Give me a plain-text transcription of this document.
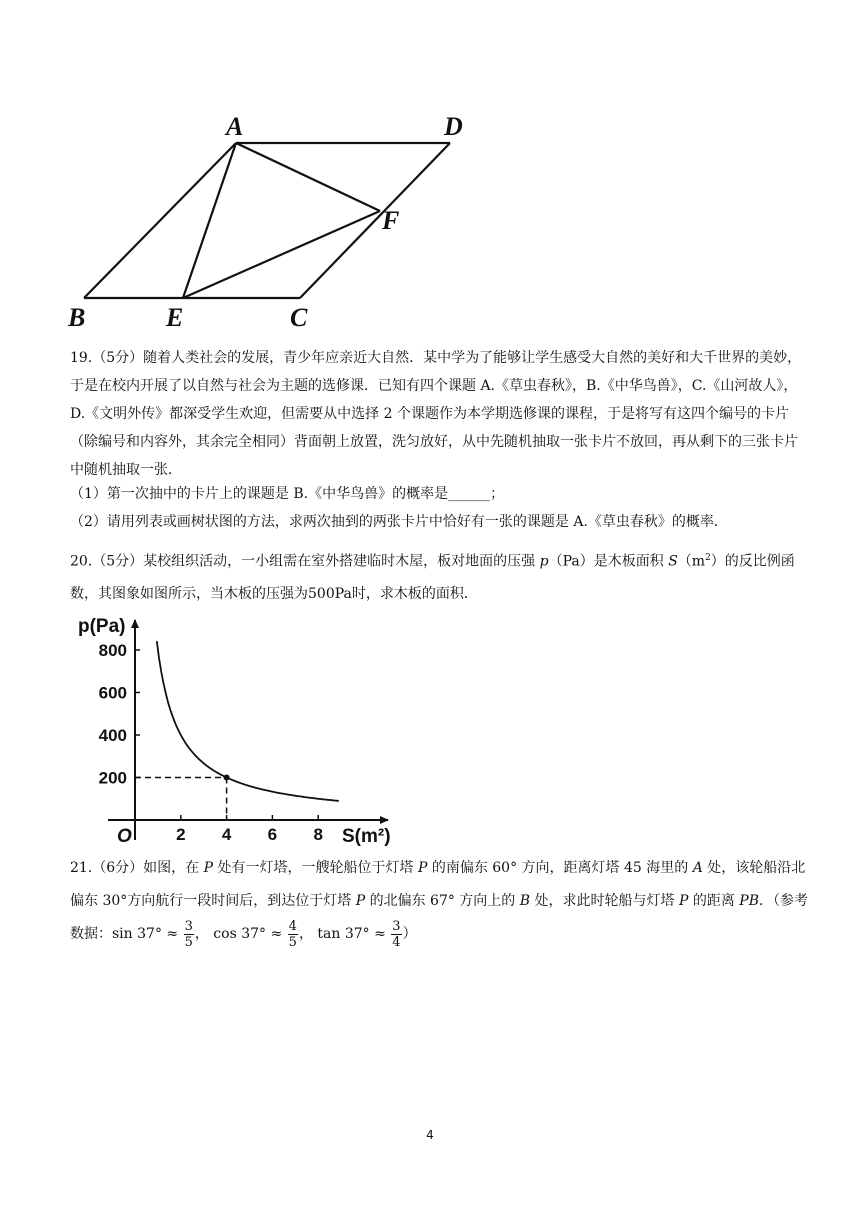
A	D
F
B	E	C

19.（5分）随着人类社会的发展，青少年应亲近大自然．某中学为了能够让学生感受大自然的美好和大千世界的美妙，于是在校内开展了以自然与社会为主题的选修课．已知有四个课题 A.《草虫春秋》，B.《中华鸟兽》，C.《山河故人》，D.《文明外传》都深受学生欢迎，但需要从中选择 2 个课题作为本学期选修课的课程，于是将写有这四个编号的卡片（除编号和内容外，其余完全相同）背面朝上放置，洗匀放好，从中先随机抽取一张卡片不放回，再从剩下的三张卡片中随机抽取一张．

（1）第一次抽中的卡片上的课题是 B.《中华鸟兽》的概率是______；

（2）请用列表或画树状图的方法，求两次抽到的两张卡片中恰好有一张的课题是 A.《草虫春秋》的概率．

20.（5分）某校组织活动，一小组需在室外搭建临时木屋，板对地面的压强 p（Pa）是木板面积 $S(m^2)$的反比例函数，其图象如图所示，当木板的压强为500Pa时，求木板的面积．

2 4 6 8
200
400
600
800
p(Pa)
S(m²)
O

21.（6分）如图，在 P 处有一灯塔，一艘轮船位于灯塔 P 的南偏东 60° 方向，距离灯塔 45 海里的 A 处，该轮船沿北偏东 30°方向航行一段时间后，到达位于灯塔 P 的北偏东 67° 方向上的 B 处，求此时轮船与灯塔 P 的距离 PB．（参考数据：$\sin 37^\circ \approx \frac{3}{5}$ ， $\cos 37^\circ \approx \frac{4}{5}$ ， $\tan 37^\circ \approx \frac{3}{4}$ ）

4
